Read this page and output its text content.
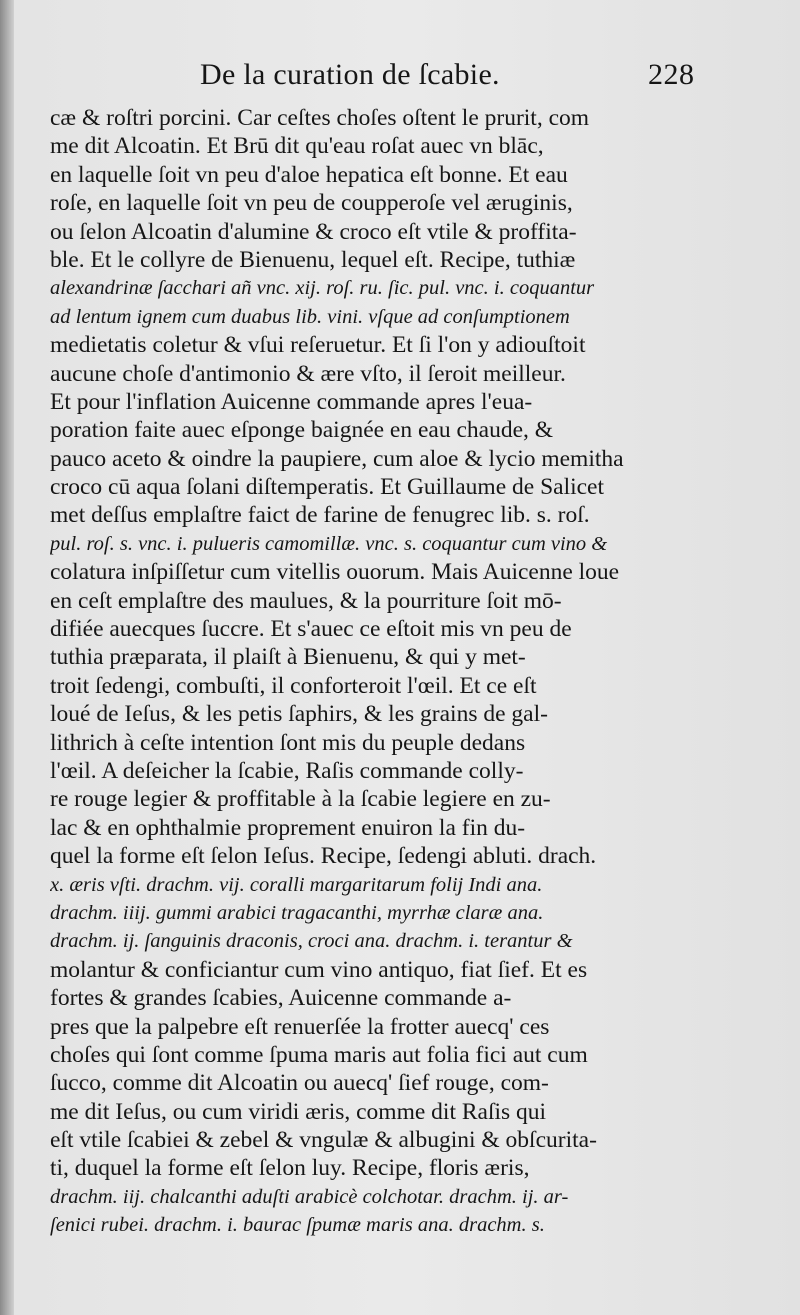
De la curation de ſcabie.	228
cæ & roſtri porcini. Car ceſtes choſes oſtent le prurit, com
me dit Alcoatin. Et Brū dit qu'eau roſat auec vn blāc,
en laquelle ſoit vn peu d'aloe hepatica eſt bonne. Et eau
roſe, en laquelle ſoit vn peu de coupperoſe vel æruginis,
ou ſelon Alcoatin d'alumine & croco eſt vtile & proffita-
ble. Et le collyre de Bienuenu, lequel eſt. Recipe, tuthiæ
alexandrinæ ſacchari añ vnc. xij. roſ. ru. ſic. pul. vnc. i. coquantur
ad lentum ignem cum duabus lib. vini. vſque ad conſumptionem
medietatis coletur & vſui reſeruetur. Et ſi l'on y adiouſtoit
aucune choſe d'antimonio & ære vſto, il ſeroit meilleur.
Et pour l'inflation Auicenne commande apres l'eua-
poration faite auec eſponge baignée en eau chaude, &
pauco aceto & oindre la paupiere, cum aloe & lycio memitha
croco cū aqua ſolani diſtemperatis. Et Guillaume de Salicet
met deſſus emplaſtre faict de farine de fenugrec lib. s. roſ.
pul. roſ. s. vnc. i. pulueris camomillæ. vnc. s. coquantur cum vino &
colatura inſpiſſetur cum vitellis ouorum. Mais Auicenne loue
en ceſt emplaſtre des maulues, & la pourriture ſoit mō-
difiée auecques ſuccre. Et s'auec ce eſtoit mis vn peu de
tuthia præparata, il plaiſt à Bienuenu, & qui y met-
troit ſedengi, combuſti, il conforteroit l'œil. Et ce eſt
loué de Ieſus, & les petis ſaphirs, & les grains de gal-
lithrich à ceſte intention ſont mis du peuple dedans
l'œil. A deſeicher la ſcabie, Raſis commande colly-
re rouge legier & proffitable à la ſcabie legiere en zu-
lac & en ophthalmie proprement enuiron la fin du-
quel la forme eſt ſelon Ieſus. Recipe, ſedengi abluti. drach.
x. æris vſti. drachm. vij. coralli margaritarum folij Indi ana.
drachm. iiij. gummi arabici tragacanthi, myrrhæ claræ ana.
drachm. ij. ſanguinis draconis, croci ana. drachm. i. terantur &
molantur & conficiantur cum vino antiquo, fiat ſief. Et es
fortes & grandes ſcabies, Auicenne commande a-
pres que la palpebre eſt renuerſée la frotter auecq' ces
choſes qui ſont comme ſpuma maris aut folia fici aut cum
ſucco, comme dit Alcoatin ou auecq' ſief rouge, com-
me dit Ieſus, ou cum viridi æris, comme dit Raſis qui
eſt vtile ſcabiei & zebel & vngulæ & albugini & obſcurita-
ti, duquel la forme eſt ſelon luy. Recipe, floris æris,
drachm. iij. chalcanthi aduſti arabicè colchotar. drachm. ij. ar-
ſenici rubei. drachm. i. baurac ſpumæ maris ana. drachm. s.
